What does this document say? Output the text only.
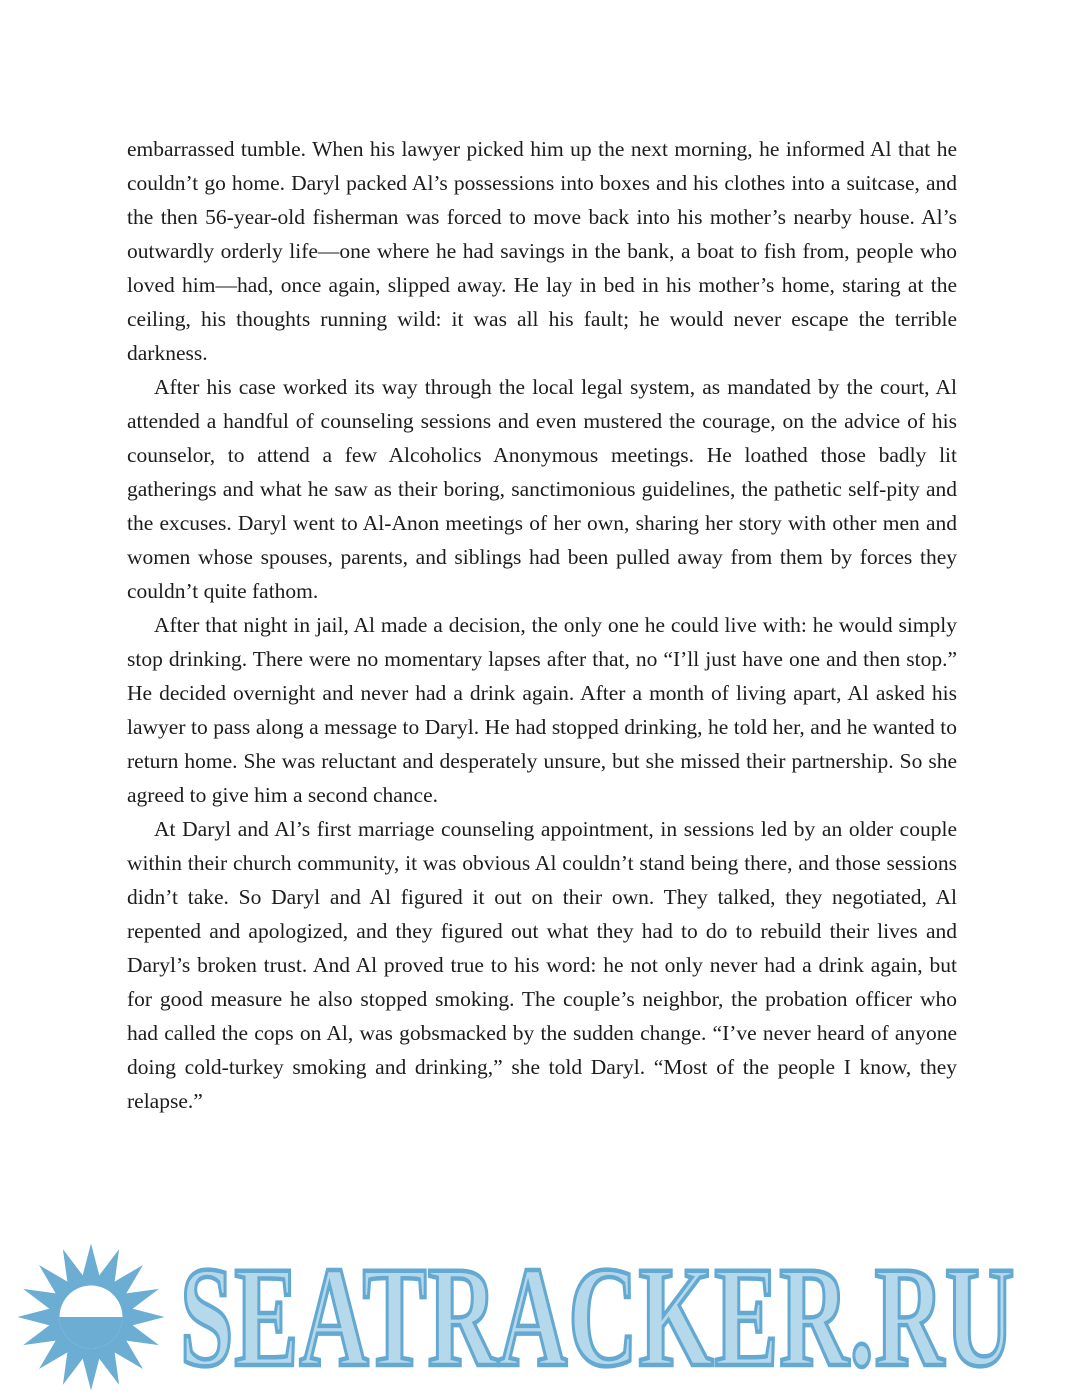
embarrassed tumble. When his lawyer picked him up the next morning, he informed Al that he couldn’t go home. Daryl packed Al’s possessions into boxes and his clothes into a suitcase, and the then 56-year-old fisherman was forced to move back into his mother’s nearby house. Al’s outwardly orderly life—one where he had savings in the bank, a boat to fish from, people who loved him—had, once again, slipped away. He lay in bed in his mother’s home, staring at the ceiling, his thoughts running wild: it was all his fault; he would never escape the terrible darkness.

After his case worked its way through the local legal system, as mandated by the court, Al attended a handful of counseling sessions and even mustered the courage, on the advice of his counselor, to attend a few Alcoholics Anonymous meetings. He loathed those badly lit gatherings and what he saw as their boring, sanctimonious guidelines, the pathetic self-pity and the excuses. Daryl went to Al-Anon meetings of her own, sharing her story with other men and women whose spouses, parents, and siblings had been pulled away from them by forces they couldn’t quite fathom.

After that night in jail, Al made a decision, the only one he could live with: he would simply stop drinking. There were no momentary lapses after that, no “I’ll just have one and then stop.” He decided overnight and never had a drink again. After a month of living apart, Al asked his lawyer to pass along a message to Daryl. He had stopped drinking, he told her, and he wanted to return home. She was reluctant and desperately unsure, but she missed their partnership. So she agreed to give him a second chance.

At Daryl and Al’s first marriage counseling appointment, in sessions led by an older couple within their church community, it was obvious Al couldn’t stand being there, and those sessions didn’t take. So Daryl and Al figured it out on their own. They talked, they negotiated, Al repented and apologized, and they figured out what they had to do to rebuild their lives and Daryl’s broken trust. And Al proved true to his word: he not only never had a drink again, but for good measure he also stopped smoking. The couple’s neighbor, the probation officer who had called the cops on Al, was gobsmacked by the sudden change. “I’ve never heard of anyone doing cold-turkey smoking and drinking,” she told Daryl. “Most of the people I know, they relapse.”

SEATRACKER.RU
